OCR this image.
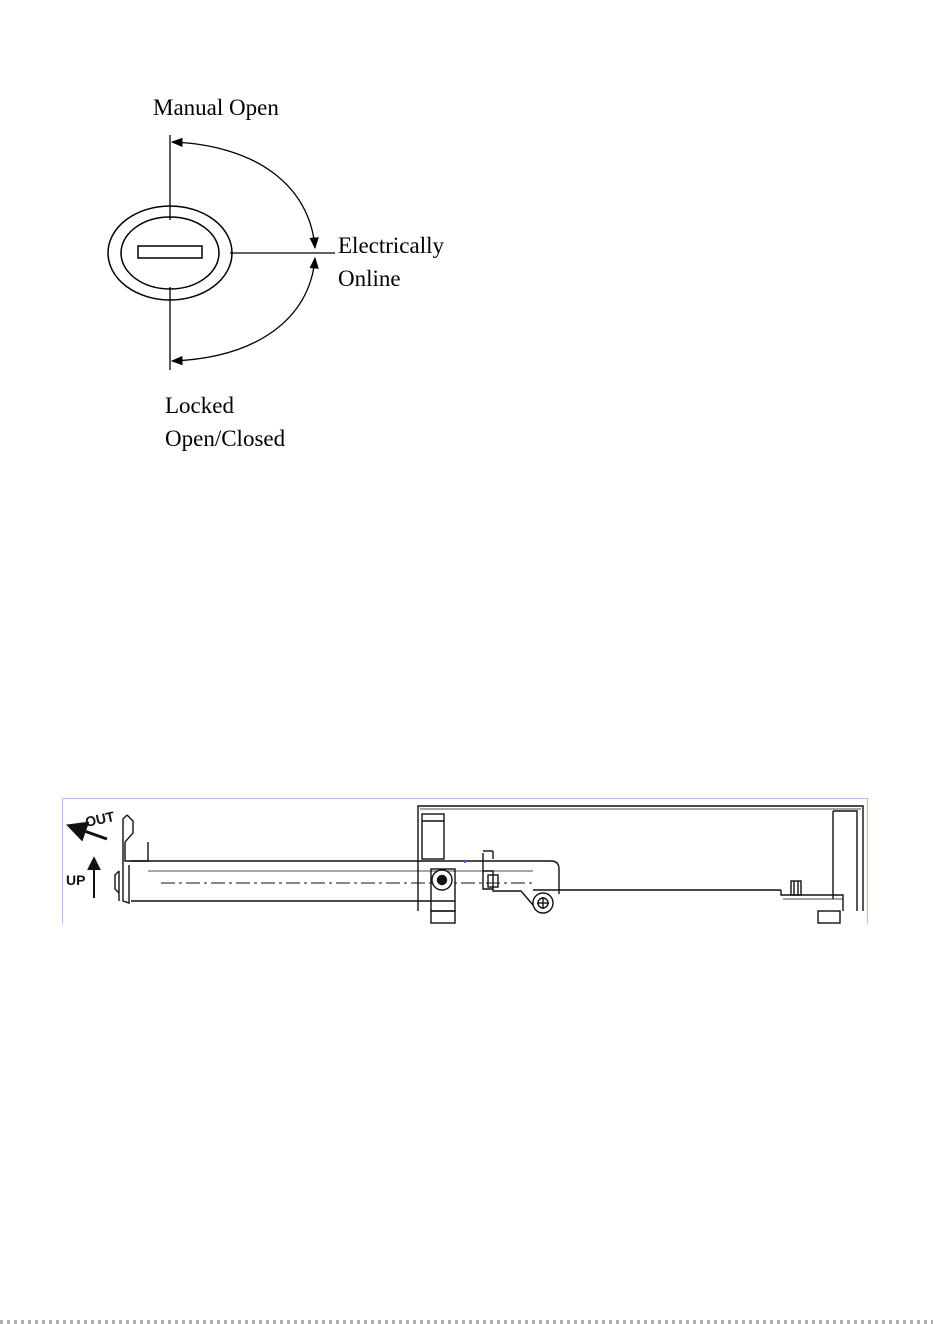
Manual Open
Electrically
Online
Locked
Open/Closed
OUT
UP
